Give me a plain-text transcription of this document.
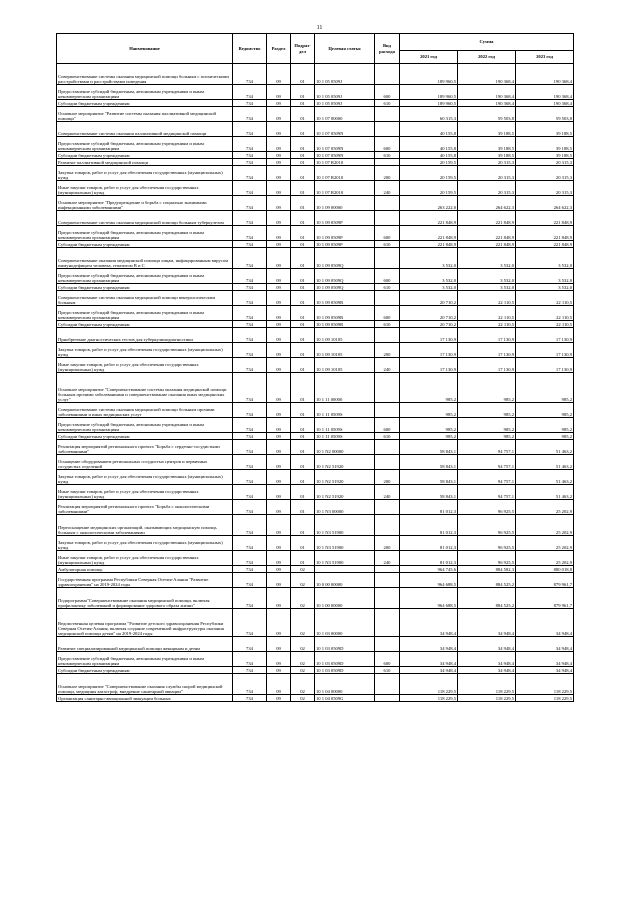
11
Наименование	Ведомство	Раздел	Подраз-дел	Целевая статья	Вид расхода	Сумма		
						2021 год	2022 год	2023 год
Совершенствование системы оказания медицинской помощи больным с психическими расстройствами и расстройствами поведения	734	09	01	10 1 05 0509J		189 960,5	190 368,4	190 368,4
Предоставление субсидий бюджетным, автономным учреждениям и иным некоммерческим организациям	734	09	01	10 1 05 0509J	600	189 960,5	190 368,4	190 368,4
Субсидии бюджетным учреждениям	734	09	01	10 1 05 0509J	610	189 960,5	190 368,4	190 368,4
Основное мероприятие "Развитие системы оказания паллиативной медицинской помощи"	734	09	01	10 1 07 00000		60 315,3	59 503,8	59 503,8
Совершенствование системы оказания паллиативной медицинской помощи	734	09	01	10 1 07 0509N		40 155,8	39 188,5	39 188,5
Предоставление субсидий бюджетным, автономным учреждениям и иным некоммерческим организациям	734	09	01	10 1 07 0509N	600	40 155,8	39 188,5	39 188,5
Субсидии бюджетным учреждениям	734	09	01	10 1 07 0509N	610	40 155,8	39 188,5	39 188,5
Развитие паллиативной медицинской помощи	734	09	01	10 1 07 R2010		20 159,5	20 315,3	20 315,3
Закупка товаров, работ и услуг для обеспечения государственных (муниципальных) нужд	734	09	01	10 1 07 R2010	200	20 159,5	20 315,3	20 315,3
Иные закупки товаров, работ и услуг для обеспечения государственных (муниципальных) нужд	734	09	01	10 1 07 R2010	240	20 159,5	20 315,3	20 315,3
Основное мероприятие "Предупреждение и борьба с социально значимыми инфекционными заболеваниями"	734	09	01	10 1 09 00000		263 222,0	264 622,3	264 622,3
Совершенствование системы оказания медицинской помощи больным туберкулезом	734	09	01	10 1 09 0509P		221 848,9	221 848,9	221 848,9
Предоставление субсидий бюджетным, автономным учреждениям и иным некоммерческим организациям	734	09	01	10 1 09 0509P	600	221 848,9	221 848,9	221 848,9
Субсидии бюджетным учреждениям	734	09	01	10 1 09 0509P	610	221 848,9	221 848,9	221 848,9
Совершенствование оказания медицинской помощи лицам, инфицированным вирусом иммунодефицита человека, гепатитом В и С	734	09	01	10 1 09 0509Q		3 532,0	3 532,0	3 532,0
Предоставление субсидий бюджетным, автономным учреждениям и иным некоммерческим организациям	734	09	01	10 1 09 0509Q	600	3 532,0	3 532,0	3 532,0
Субсидии бюджетным учреждениям	734	09	01	10 1 09 0509Q	610	3 532,0	3 532,0	3 532,0
Совершенствование системы оказания медицинской помощи венерологическим больным	734	09	01	10 1 09 0509R		20 710,2	22 110,5	22 110,5
Предоставление субсидий бюджетным, автономным учреждениям и иным некоммерческим организациям	734	09	01	10 1 09 0509R	600	20 710,2	22 110,5	22 110,5
Субсидии бюджетным учреждениям	734	09	01	10 1 09 0509R	610	20 710,2	22 110,5	22 110,5
Приобретение диагностических тестов для туберкулинодиагностики	734	09	01	10 1 09 10105		17 130,9	17 130,9	17 130,9
Закупка товаров, работ и услуг для обеспечения государственных (муниципальных) нужд	734	09	01	10 1 09 10105	200	17 130,9	17 130,9	17 130,9
Иные закупки товаров, работ и услуг для обеспечения государственных (муниципальных) нужд	734	09	01	10 1 09 10105	240	17 130,9	17 130,9	17 130,9
Основное мероприятие "Совершенствование системы оказания медицинской помощи больным прочими заболеваниями и совершенствование оказания иных медицинских услуг"	734	09	01	10 1 11 00000		985,2	985,2	985,2
Совершенствование системы оказания медицинской помощи больным прочими заболеваниями и иных медицинских услуг	734	09	01	10 1 11 0509S		985,2	985,2	985,2
Предоставление субсидий бюджетным, автономным учреждениям и иным некоммерческим организациям	734	09	01	10 1 11 0509S	600	985,2	985,2	985,2
Субсидии бюджетным учреждениям	734	09	01	10 1 11 0509S	610	985,2	985,2	985,2
Реализация мероприятий регионального проекта "Борьба с сердечно-сосудистыми заболеваниями"	734	09	01	10 1 N2 00000		58 843,1	94 757,1	51 463,2
Оснащение оборудованием региональных сосудистых центров и первичных сосудистых отделений	734	09	01	10 1 N2 51920		58 843,1	94 757,1	51 463,2
Закупка товаров, работ и услуг для обеспечения государственных (муниципальных) нужд	734	09	01	10 1 N2 51920	200	58 843,1	94 757,1	51 463,2
Иные закупки товаров, работ и услуг для обеспечения государственных (муниципальных) нужд	734	09	01	10 1 N2 51920	240	58 843,1	94 757,1	51 463,2
Реализация мероприятий регионального проекта "Борьба с онкологическими заболеваниями"	734	09	01	10 1 N3 00000		81 012,3	96 925,5	25 202,9
Переоснащение медицинских организаций, оказывающих медицинскую помощь больным с онкологическими заболеваниями	734	09	01	10 1 N3 51900		81 012,3	96 925,5	25 202,9
Закупка товаров, работ и услуг для обеспечения государственных (муниципальных) нужд	734	09	01	10 1 N3 51900	200	81 012,3	96 925,5	25 202,9
Иные закупки товаров, работ и услуг для обеспечения государственных (муниципальных) нужд	734	09	01	10 1 N3 51900	240	81 012,3	96 925,5	25 202,9
Амбулаторная помощь	734	09	02			964 745,6	884 582,3	880 018,8
Государственная программа Республики Северная Осетия-Алания "Развитие здравоохранения" на 2019-2024 годы	734	09	02	10 0 00 00000		964 688,5	884 525,2	879 961,7
Подпрограмма"Совершенствование оказания медицинской помощи, включая профилактику заболеваний и формирование здорового образа жизни"	734	09	02	10 1 00 00000		964 688,5	884 525,2	879 961,7
Ведомственная целевая программа "Развитие детского здравоохранения Республики Северная Осетия-Алания, включая создание современной инфраструктуры оказания медицинской помощи детям" на 2019-2024 годы	734	09	02	10 1 03 00000		34 948,4	34 948,4	34 948,4
Развитие специализированной медицинской помощи женщинам и детям	734	09	02	10 1 03 0509D		34 948,4	34 948,4	34 948,4
Предоставление субсидий бюджетным, автономным учреждениям и иным некоммерческим организациям	734	09	02	10 1 03 0509D	600	34 948,4	34 948,4	34 948,4
Субсидии бюджетным учреждениям	734	09	02	10 1 03 0509D	610	34 948,4	34 948,4	34 948,4
Основное мероприятие "Совершенствование оказания службы скорой медицинской помощи, медицины катастроф, внедрение санитарной авиации"	734	09	02	10 1 04 00000		118 229,5	118 229,5	118 229,5
Организация санитарно-авиационной эвакуации больных	734	09	02	10 1 04 0509G		118 229,5	118 229,5	118 229,5
